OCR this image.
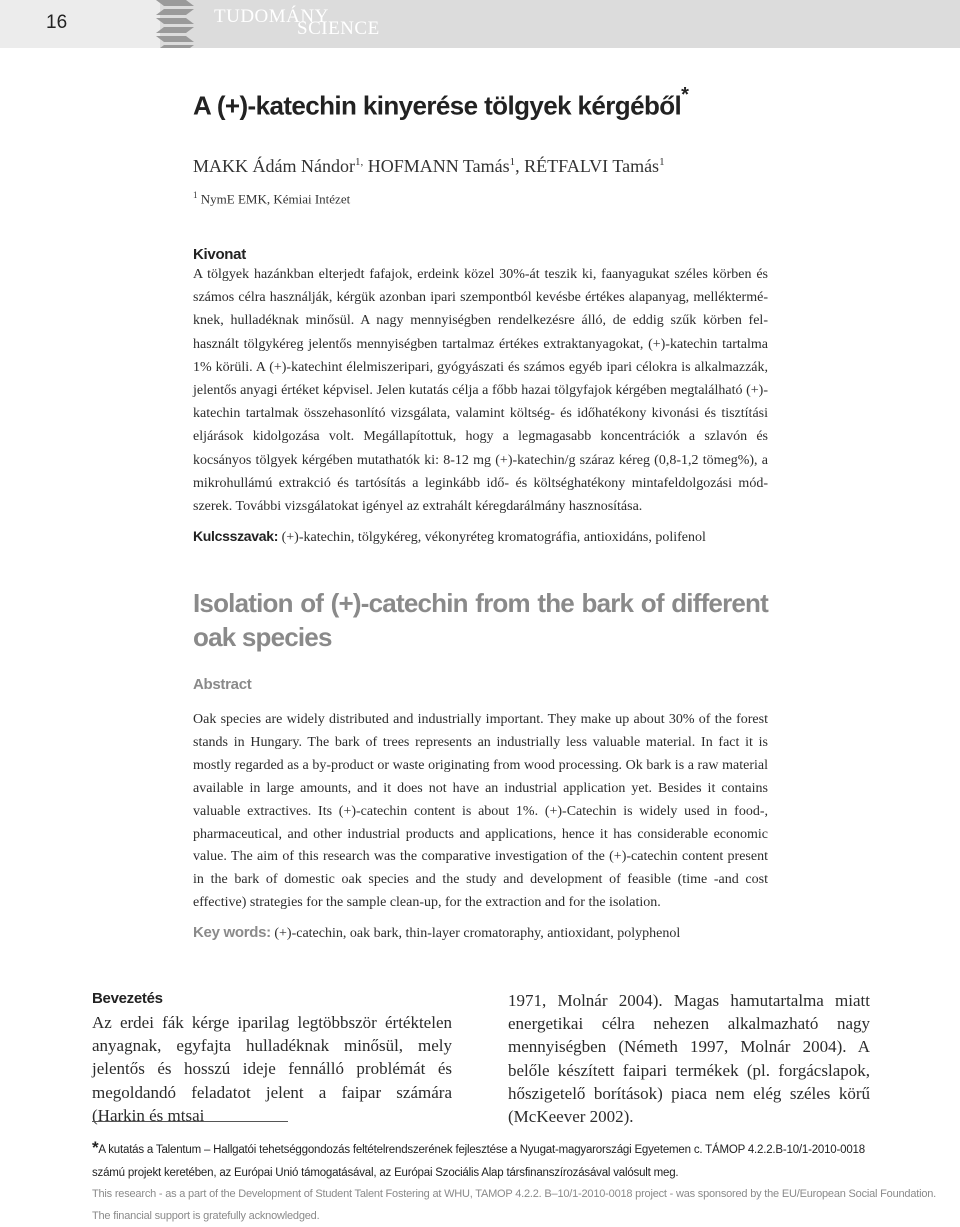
16	TUDOMÁNY
SCIENCE
A (+)-katechin kinyerése tölgyek kérgéből*
MAKK Ádám Nándor$^{1,}$ HOFMANN Tamás$^1$, RÉTFALVI Tamás$^1$
$^1$ NymE EMK, Kémiai Intézet
Kivonat
A tölgyek hazánkban elterjedt fafajok, erdeink közel 30%-át teszik ki, faanyagukat széles körben és számos célra használják, kérgük azonban ipari szempontból kevésbe értékes alapanyag, mellékterméknek, hulladéknak minősül. A nagy mennyiségben rendelkezésre álló, de eddig szűk körben felhasznált tölgykéreg jelentős mennyiségben tartalmaz értékes extraktanyagokat, (+)-katechin tartalma 1% körüli. A (+)-katechint élelmiszeripari, gyógyászati és számos egyéb ipari célokra is alkalmazzák, jelentős anyagi értéket képvisel. Jelen kutatás célja a főbb hazai tölgyfajok kérgében megtalálható (+)-katechin tartalmak összehasonlító vizsgálata, valamint költség- és időhatékony kivonási és tisztítási eljárások kidolgozása volt. Megállapítottuk, hogy a legmagasabb koncentrációk a szlavón és kocsányos tölgyek kérgében mutathatók ki: 8-12 mg (+)-katechin/g száraz kéreg (0,8-1,2 tömeg%), a mikrohullámú extrakció és tartósítás a leginkább idő- és költséghatékony mintafeldolgozási módszerek. További vizsgálatokat igényel az extrahált kéregdarálmány hasznosítása.
Kulcsszavak: (+)-katechin, tölgykéreg, vékonyréteg kromatográfia, antioxidáns, polifenol
Isolation of (+)-catechin from the bark of different oak species
Abstract
Oak species are widely distributed and industrially important. They make up about 30% of the forest stands in Hungary. The bark of trees represents an industrially less valuable material. In fact it is mostly regarded as a by-product or waste originating from wood processing. Ok bark is a raw material available in large amounts, and it does not have an industrial application yet. Besides it contains valuable extractives. Its (+)-catechin content is about 1%. (+)-Catechin is widely used in food-, pharmaceutical, and other industrial products and applications, hence it has considerable economic value. The aim of this research was the comparative investigation of the (+)-catechin content present in the bark of domestic oak species and the study and development of feasible (time -and cost effective) strategies for the sample clean-up, for the extraction and for the isolation.
Key words: (+)-catechin, oak bark, thin-layer cromatoraphy, antioxidant, polyphenol
Bevezetés
Az erdei fák kérge iparilag legtöbbször értéktelen anyagnak, egyfajta hulladéknak minősül, mely jelentős és hosszú ideje fennálló problémát és megoldandó feladatot jelent a faipar számára (Harkin és mtsai
1971, Molnár 2004). Magas hamutartalma miatt energetikai célra nehezen alkalmazható nagy mennyiségben (Németh 1997, Molnár 2004). A belőle készített faipari termékek (pl. forgácslapok, hőszigetelő borítások) piaca nem elég széles körű (McKeever 2002).
*A kutatás a Talentum – Hallgatói tehetséggondozás feltételrendszerének fejlesztése a Nyugat-magyarországi Egyetemen c. TÁMOP 4.2.2.B-10/1-2010-0018 számú projekt keretében, az Európai Unió támogatásával, az Európai Szociális Alap társfinanszírozásával valósult meg.
This research - as a part of the Development of Student Talent Fostering at WHU, TAMOP 4.2.2. B–10/1-2010-0018 project - was sponsored by the EU/European Social Foundation.
The financial support is gratefully acknowledged.
